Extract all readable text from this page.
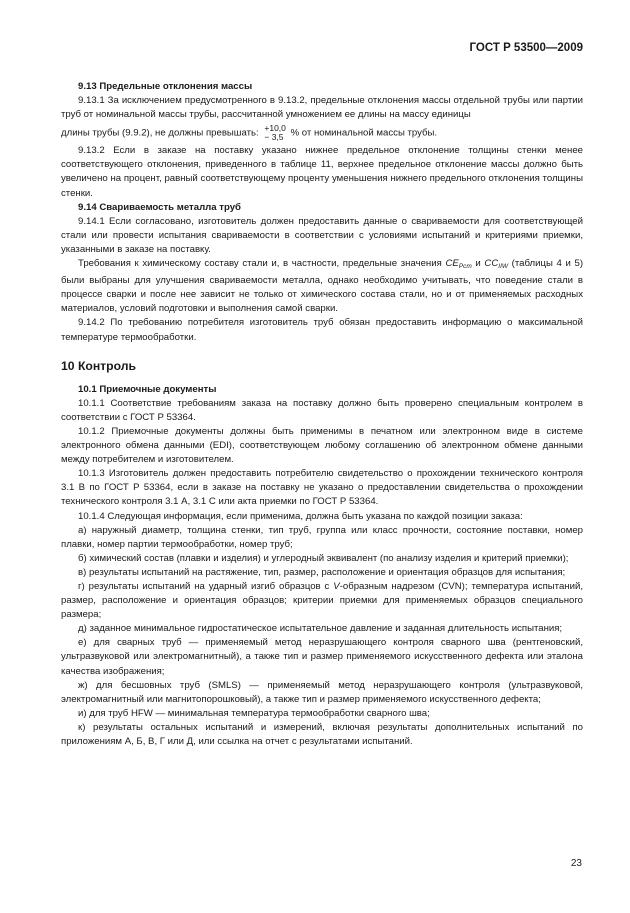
ГОСТ Р 53500—2009

9.13 Предельные отклонения массы

9.13.1 За исключением предусмотренного в 9.13.2, предельные отклонения массы отдельной трубы или партии труб от номинальной массы трубы, рассчитанной умножением ее длины на массу единицы

длины трубы (9.9.2), не должны превышать: +10,0
− 3,5 % от номинальной массы трубы.

9.13.2 Если в заказе на поставку указано нижнее предельное отклонение толщины стенки менее соответствующего отклонения, приведенного в таблице 11, верхнее предельное отклонение массы должно быть увеличено на процент, равный соответствующему проценту уменьшения нижнего предельного отклонения толщины стенки.

9.14 Свариваемость металла труб

9.14.1 Если согласовано, изготовитель должен предоставить данные о свариваемости для соответствующей стали или провести испытания свариваемости в соответствии с условиями испытаний и критериями приемки, указанными в заказе на поставку.

Требования к химическому составу стали и, в частности, предельные значения $CE_{Pcm}$ и $CC_{IIW}$ (таблицы 4 и 5) были выбраны для улучшения свариваемости металла, однако необходимо учитывать, что поведение стали в процессе сварки и после нее зависит не только от химического состава стали, но и от применяемых расходных материалов, условий подготовки и выполнения самой сварки.

9.14.2 По требованию потребителя изготовитель труб обязан предоставить информацию о максимальной температуре термообработки.

10 Контроль

10.1 Приемочные документы

10.1.1 Соответствие требованиям заказа на поставку должно быть проверено специальным контролем в соответствии с ГОСТ Р 53364.

10.1.2 Приемочные документы должны быть применимы в печатном или электронном виде в системе электронного обмена данными (EDI), соответствующем любому соглашению об электронном обмене данными между потребителем и изготовителем.

10.1.3 Изготовитель должен предоставить потребителю свидетельство о прохождении технического контроля 3.1 В по ГОСТ Р 53364, если в заказе на поставку не указано о предоставлении свидетельства о прохождении технического контроля 3.1 А, 3.1 С или акта приемки по ГОСТ Р 53364.

10.1.4 Следующая информация, если применима, должна быть указана по каждой позиции заказа:

а) наружный диаметр, толщина стенки, тип труб, группа или класс прочности, состояние поставки, номер плавки, номер партии термообработки, номер труб;

б) химический состав (плавки и изделия) и углеродный эквивалент (по анализу изделия и критерий приемки);

в) результаты испытаний на растяжение, тип, размер, расположение и ориентация образцов для испытания;

г) результаты испытаний на ударный изгиб образцов с V-образным надрезом (CVN); температура испытаний, размер, расположение и ориентация образцов; критерии приемки для применяемых образцов специального размера;

д) заданное минимальное гидростатическое испытательное давление и заданная длительность испытания;

е) для сварных труб — применяемый метод неразрушающего контроля сварного шва (рентгеновский, ультразвуковой или электромагнитный), а также тип и размер применяемого искусственного дефекта или эталона качества изображения;

ж) для бесшовных труб (SMLS) — применяемый метод неразрушающего контроля (ультразвуковой, электромагнитный или магнитопорошковый), а также тип и размер применяемого искусственного дефекта;

и) для труб HFW — минимальная температура термообработки сварного шва;

к) результаты остальных испытаний и измерений, включая результаты дополнительных испытаний по приложениям А, Б, В, Г или Д, или ссылка на отчет с результатами испытаний.

23
